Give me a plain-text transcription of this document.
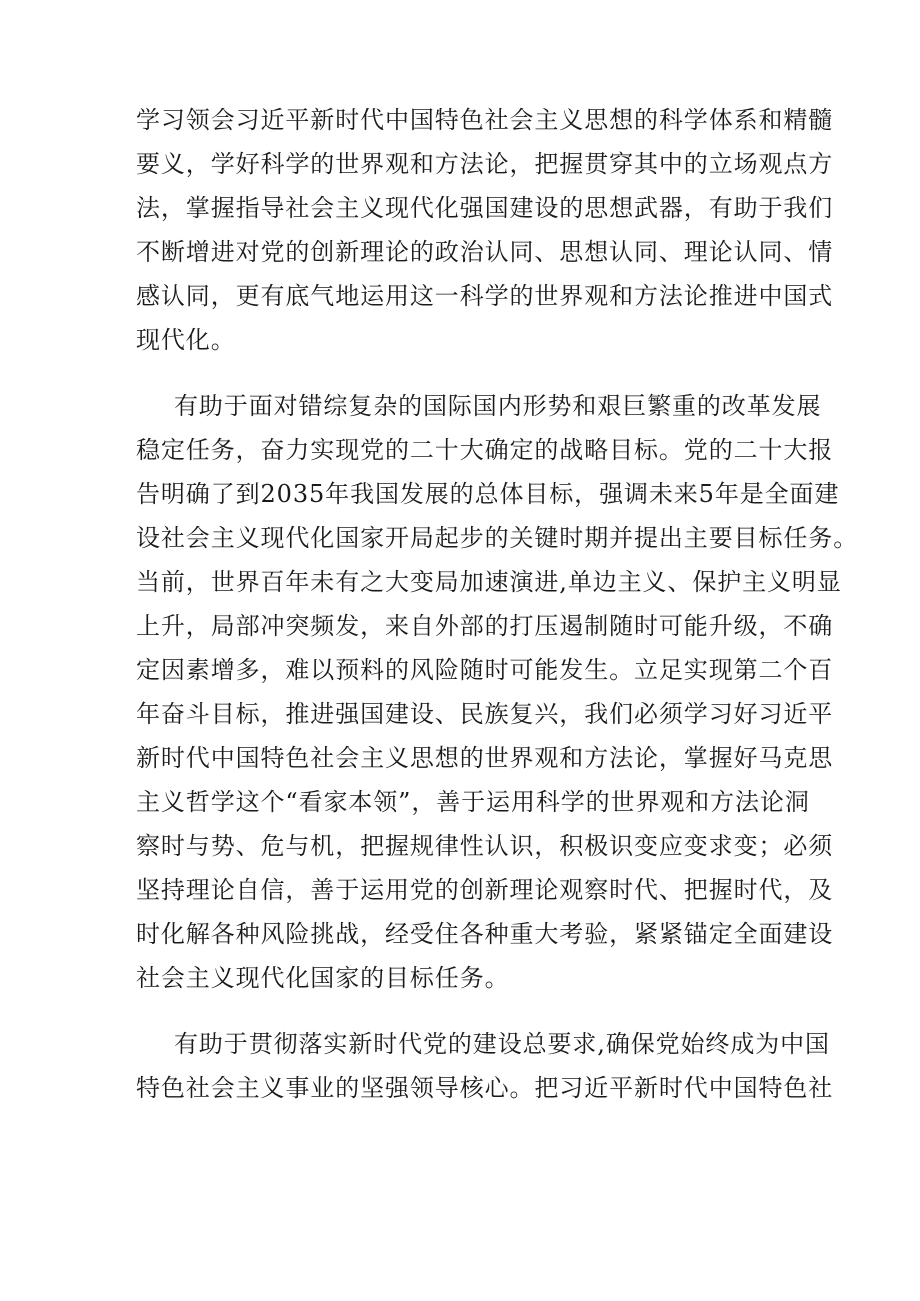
学习领会习近平新时代中国特色社会主义思想的科学体系和精髓
要义，学好科学的世界观和方法论，把握贯穿其中的立场观点方
法，掌握指导社会主义现代化强国建设的思想武器，有助于我们
不断增进对党的创新理论的政治认同、思想认同、理论认同、情
感认同，更有底气地运用这一科学的世界观和方法论推进中国式
现代化。

有助于面对错综复杂的国际国内形势和艰巨繁重的改革发展
稳定任务，奋力实现党的二十大确定的战略目标。党的二十大报
告明确了到2035年我国发展的总体目标，强调未来5年是全面建
设社会主义现代化国家开局起步的关键时期并提出主要目标任务。
当前，世界百年未有之大变局加速演进,单边主义、保护主义明显
上升，局部冲突频发，来自外部的打压遏制随时可能升级，不确
定因素增多，难以预料的风险随时可能发生。立足实现第二个百
年奋斗目标，推进强国建设、民族复兴，我们必须学习好习近平
新时代中国特色社会主义思想的世界观和方法论，掌握好马克思
主义哲学这个“看家本领”，善于运用科学的世界观和方法论洞
察时与势、危与机，把握规律性认识，积极识变应变求变；必须
坚持理论自信，善于运用党的创新理论观察时代、把握时代，及
时化解各种风险挑战，经受住各种重大考验，紧紧锚定全面建设
社会主义现代化国家的目标任务。

有助于贯彻落实新时代党的建设总要求,确保党始终成为中国
特色社会主义事业的坚强领导核心。把习近平新时代中国特色社
